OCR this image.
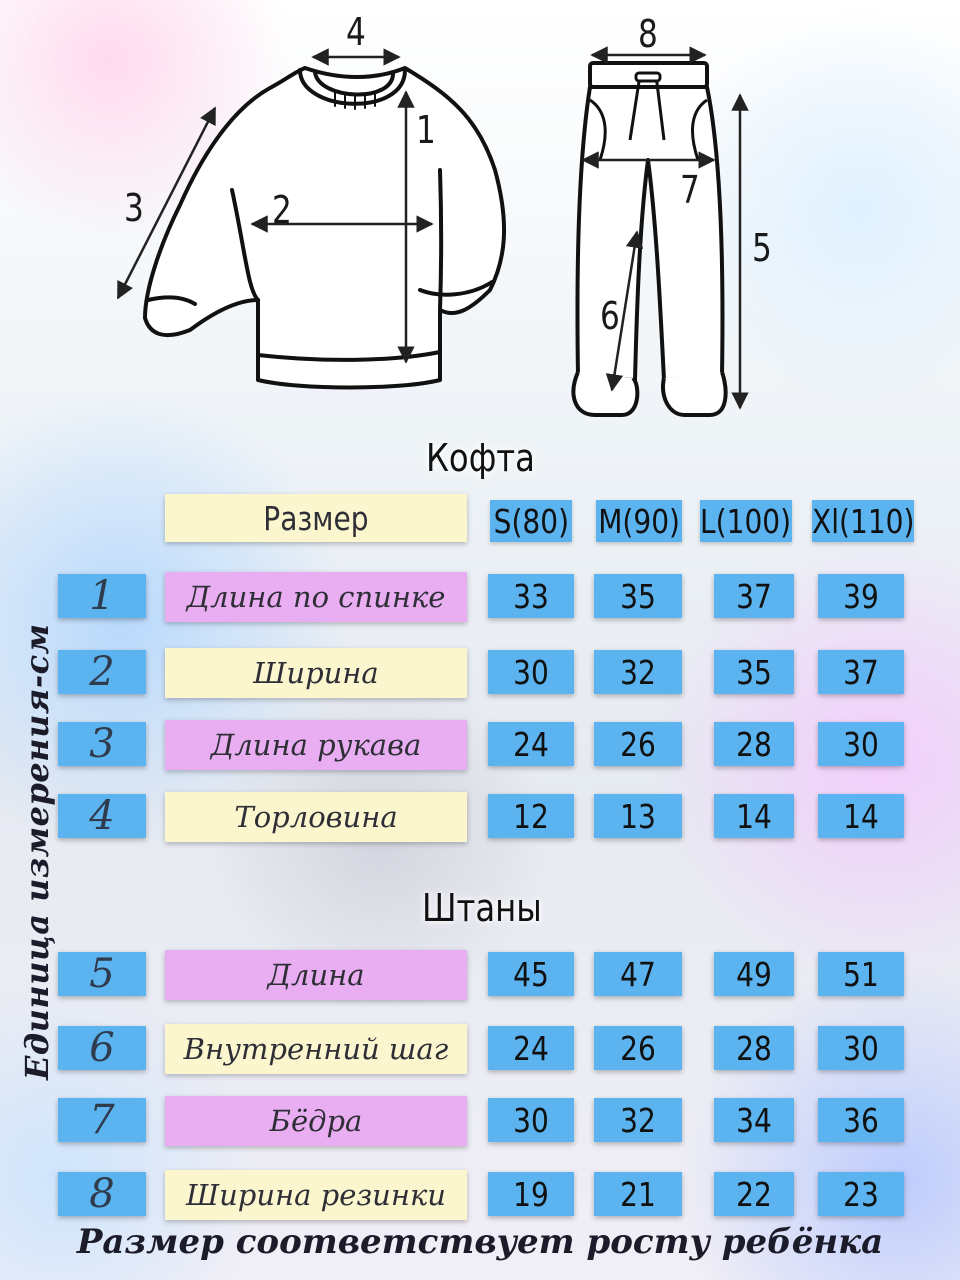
4
1
2
3
8
7
5
6
Кофта
Размер	S(80) M(90) L(100) Xl(110)
1	Длина по спинке	33 35 37 39
2	Ширина	30 32 35 37
3	Длина рукава	24 26 28 30
4	Торловина	12 13 14 14
Штаны
5	Длина	45 47 49 51
6	Внутренний шаг	24 26 28 30
7	Бёдра	30 32 34 36
8	Ширина резинки	19 21 22 23
Единица измерения-см
Размер соответствует росту ребёнка
